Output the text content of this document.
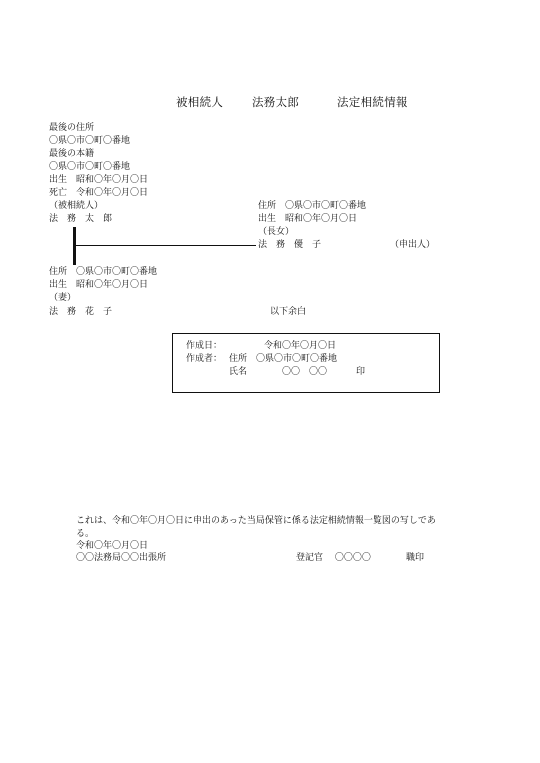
被相続人	法務太郎	法定相続情報
最後の住所
〇県〇市〇町〇番地
最後の本籍
〇県〇市〇町〇番地
出生　昭和〇年〇月〇日
死亡　令和〇年〇月〇日
（被相続人）
法　務　太　郎
住所　〇県〇市〇町〇番地
出生　昭和〇年〇月〇日
（長女）
法　務　優　子	（申出人）
住所　〇県〇市〇町〇番地
出生　昭和〇年〇月〇日
（妻）
法　務　花　子	以下余白
作成日：	令和〇年〇月〇日
作成者： 住所　〇県〇市〇町〇番地
氏名	〇〇　〇〇	印
これは、令和〇年〇月〇日に申出のあった当局保管に係る法定相続情報一覧図の写しであ
る。
令和〇年〇月〇日
〇〇法務局〇〇出張所	登記官　 〇〇〇〇	職印
